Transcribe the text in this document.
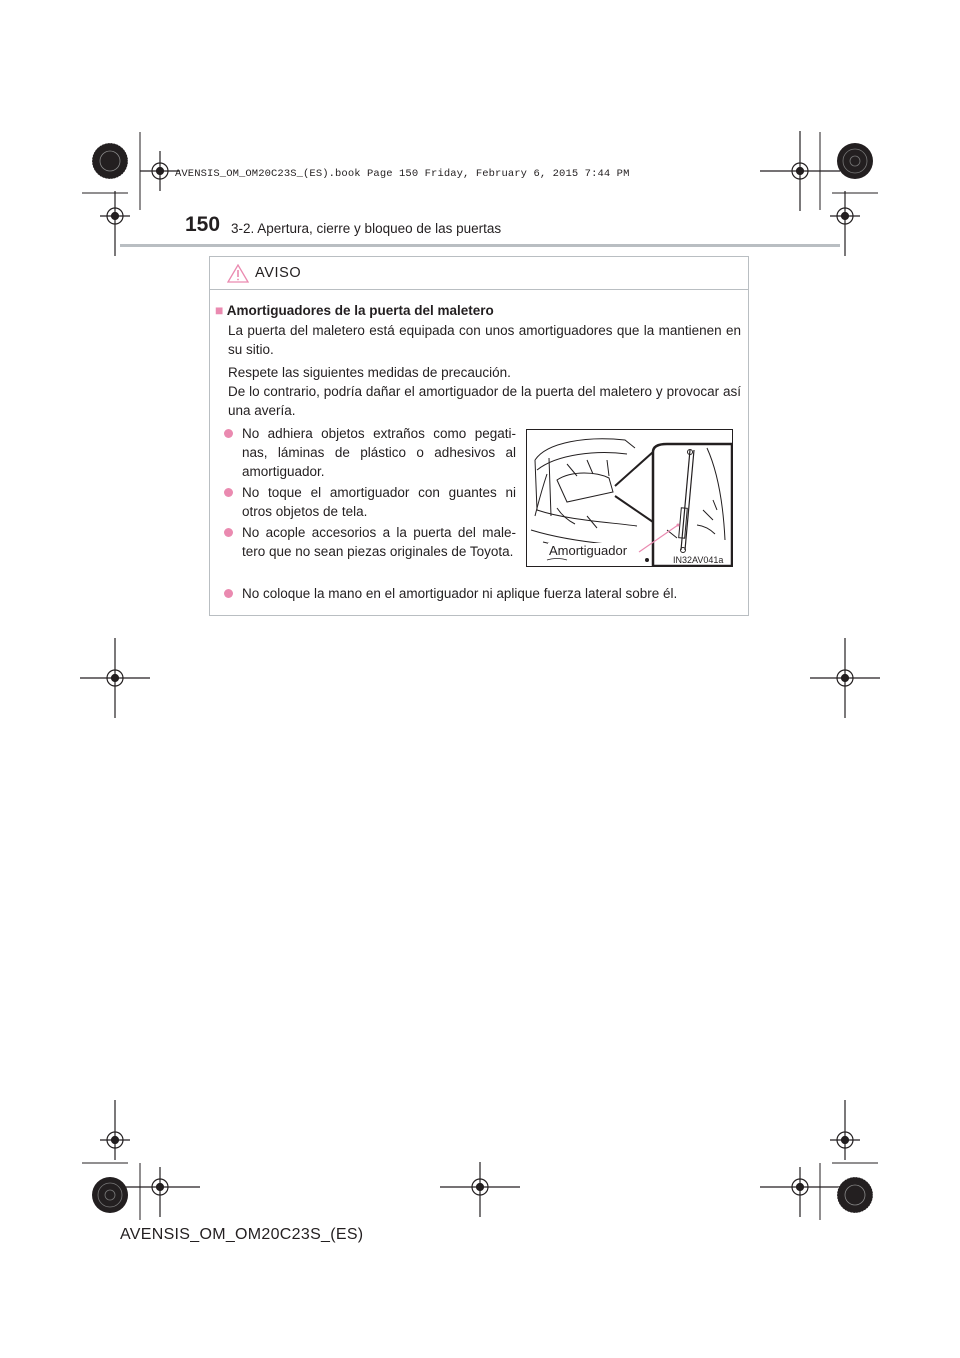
AVENSIS_OM_OM20C23S_(ES).book Page 150 Friday, February 6, 2015 7:44 PM
150 3-2. Apertura, cierre y bloqueo de las puertas
AVISO
■ Amortiguadores de la puerta del maletero
La puerta del maletero está equipada con unos amortiguadores que la mantienen en su sitio.
Respete las siguientes medidas de precaución.
De lo contrario, podría dañar el amortiguador de la puerta del maletero y provocar así una avería.
No adhiera objetos extraños como pegati- nas, láminas de plástico o adhesivos al amortiguador.
No toque el amortiguador con guantes ni otros objetos de tela.
No acople accesorios a la puerta del male- tero que no sean piezas originales de Toyota.
No coloque la mano en el amortiguador ni aplique fuerza lateral sobre él.
Amortiguador
IN32AV041a
AVENSIS_OM_OM20C23S_(ES)
